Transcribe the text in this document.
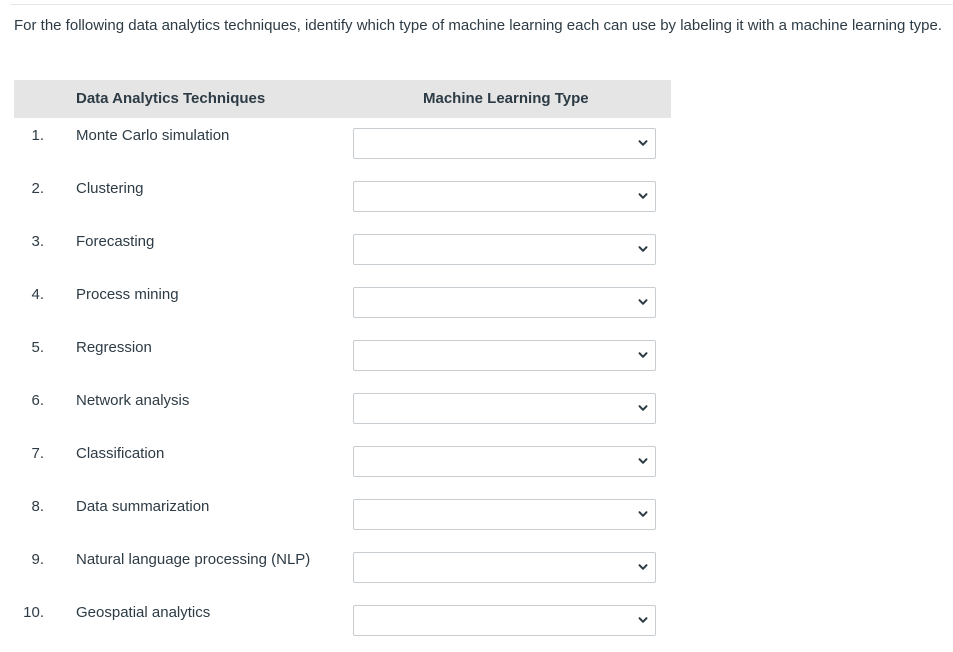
For the following data analytics techniques, identify which type of machine learning each can use by labeling it with a machine learning type.

Data Analytics Techniques	Machine Learning Type
1. Monte Carlo simulation
2. Clustering
3. Forecasting
4. Process mining
5. Regression
6. Network analysis
7. Classification
8. Data summarization
9. Natural language processing (NLP)
10. Geospatial analytics
